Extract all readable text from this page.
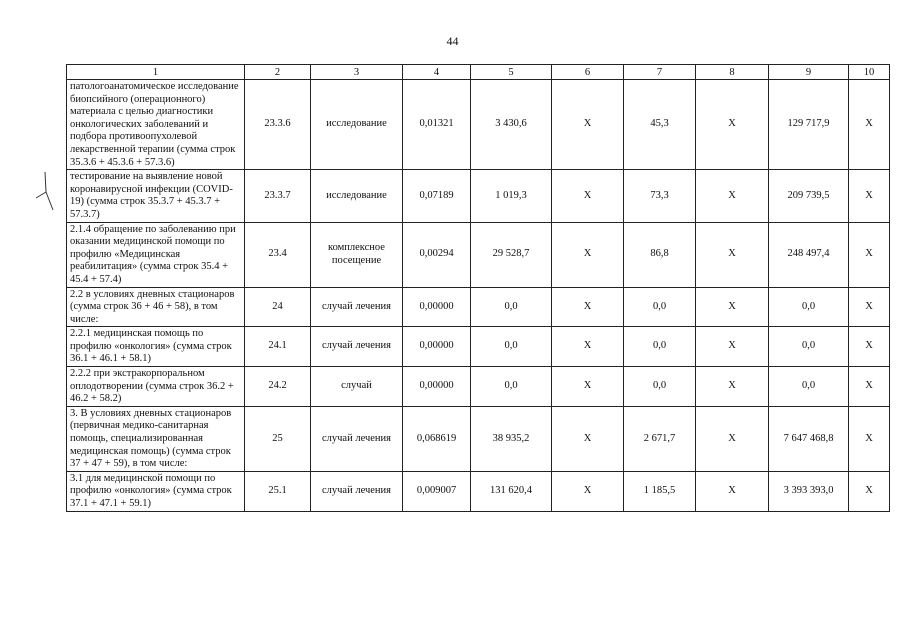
44
1	2	3	4	5	6	7	8	9	10
патологоанатомическое исследование биопсийного (операционного) материала с целью диагностики онкологических заболеваний и подбора противоопухолевой лекарственной терапии (сумма строк 35.3.6 + 45.3.6 + 57.3.6)	23.3.6	исследование	0,01321	3 430,6	Х	45,3	Х	129 717,9	Х
тестирование на выявление новой коронавирусной инфекции (COVID-19) (сумма строк 35.3.7 + 45.3.7 + 57.3.7)	23.3.7	исследование	0,07189	1 019,3	Х	73,3	Х	209 739,5	Х
2.1.4 обращение по заболеванию при оказании медицинской помощи по профилю «Медицинская реабилитация» (сумма строк 35.4 + 45.4 + 57.4)	23.4	комплексное посещение	0,00294	29 528,7	Х	86,8	Х	248 497,4	Х
2.2 в условиях дневных стационаров (сумма строк 36 + 46 + 58), в том числе:	24	случай лечения	0,00000	0,0	Х	0,0	Х	0,0	Х
2.2.1 медицинская помощь по профилю «онкология» (сумма строк 36.1 + 46.1 + 58.1)	24.1	случай лечения	0,00000	0,0	Х	0,0	Х	0,0	Х
2.2.2 при экстракорпоральном оплодотворении (сумма строк 36.2 + 46.2 + 58.2)	24.2	случай	0,00000	0,0	Х	0,0	Х	0,0	Х
3. В условиях дневных стационаров (первичная медико-санитарная помощь, специализированная медицинская помощь) (сумма строк 37 + 47 + 59), в том числе:	25	случай лечения	0,068619	38 935,2	Х	2 671,7	Х	7 647 468,8	Х
3.1 для медицинской помощи по профилю «онкология» (сумма строк 37.1 + 47.1 + 59.1)	25.1	случай лечения	0,009007	131 620,4	Х	1 185,5	Х	3 393 393,0	Х
